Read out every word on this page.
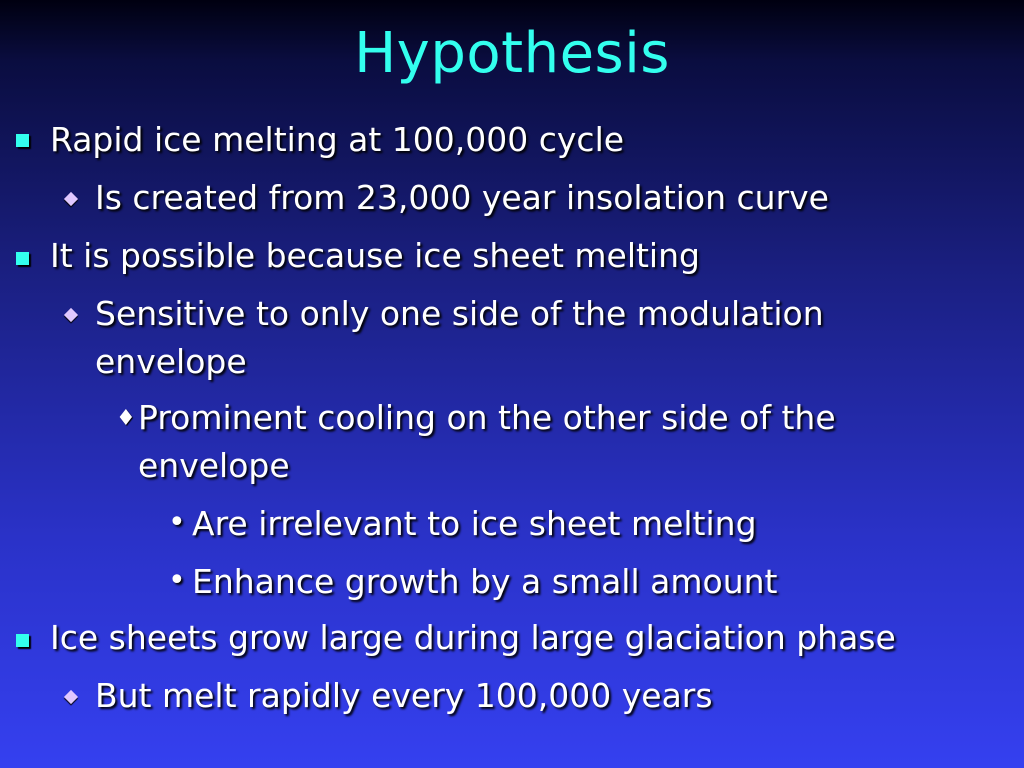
Hypothesis
Rapid ice melting at 100,000 cycle
Is created from 23,000 year insolation curve
It is possible because ice sheet melting
Sensitive to only one side of the modulation
envelope
♦ Prominent cooling on the other side of the
envelope
• Are irrelevant to ice sheet melting
• Enhance growth by a small amount
Ice sheets grow large during large glaciation phase
But melt rapidly every 100,000 years
